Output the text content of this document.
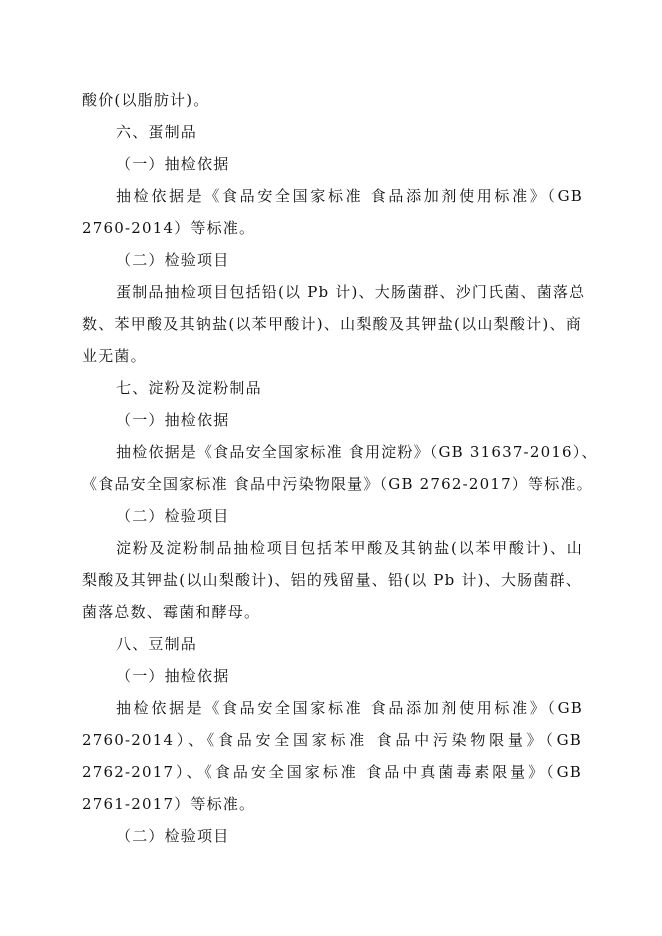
酸价(以脂肪计)。
六、蛋制品
（一）抽检依据
抽检依据是《食品安全国家标准 食品添加剂使用标准》（GB
2760-2014）等标准。
（二）检验项目
蛋制品抽检项目包括铅(以 Pb 计)、大肠菌群、沙门氏菌、菌落总
数、苯甲酸及其钠盐(以苯甲酸计)、山梨酸及其钾盐(以山梨酸计)、商
业无菌。
七、淀粉及淀粉制品
（一）抽检依据
抽检依据是《食品安全国家标准 食用淀粉》（GB 31637-2016）、
《食品安全国家标准 食品中污染物限量》（GB 2762-2017）等标准。
（二）检验项目
淀粉及淀粉制品抽检项目包括苯甲酸及其钠盐(以苯甲酸计)、山
梨酸及其钾盐(以山梨酸计)、铝的残留量、铅(以 Pb 计)、大肠菌群、
菌落总数、霉菌和酵母。
八、豆制品
（一）抽检依据
抽检依据是《食品安全国家标准 食品添加剂使用标准》（GB
2760-2014）、《食品安全国家标准 食品中污染物限量》（GB
2762-2017）、《食品安全国家标准 食品中真菌毒素限量》（GB
2761-2017）等标准。
（二）检验项目
